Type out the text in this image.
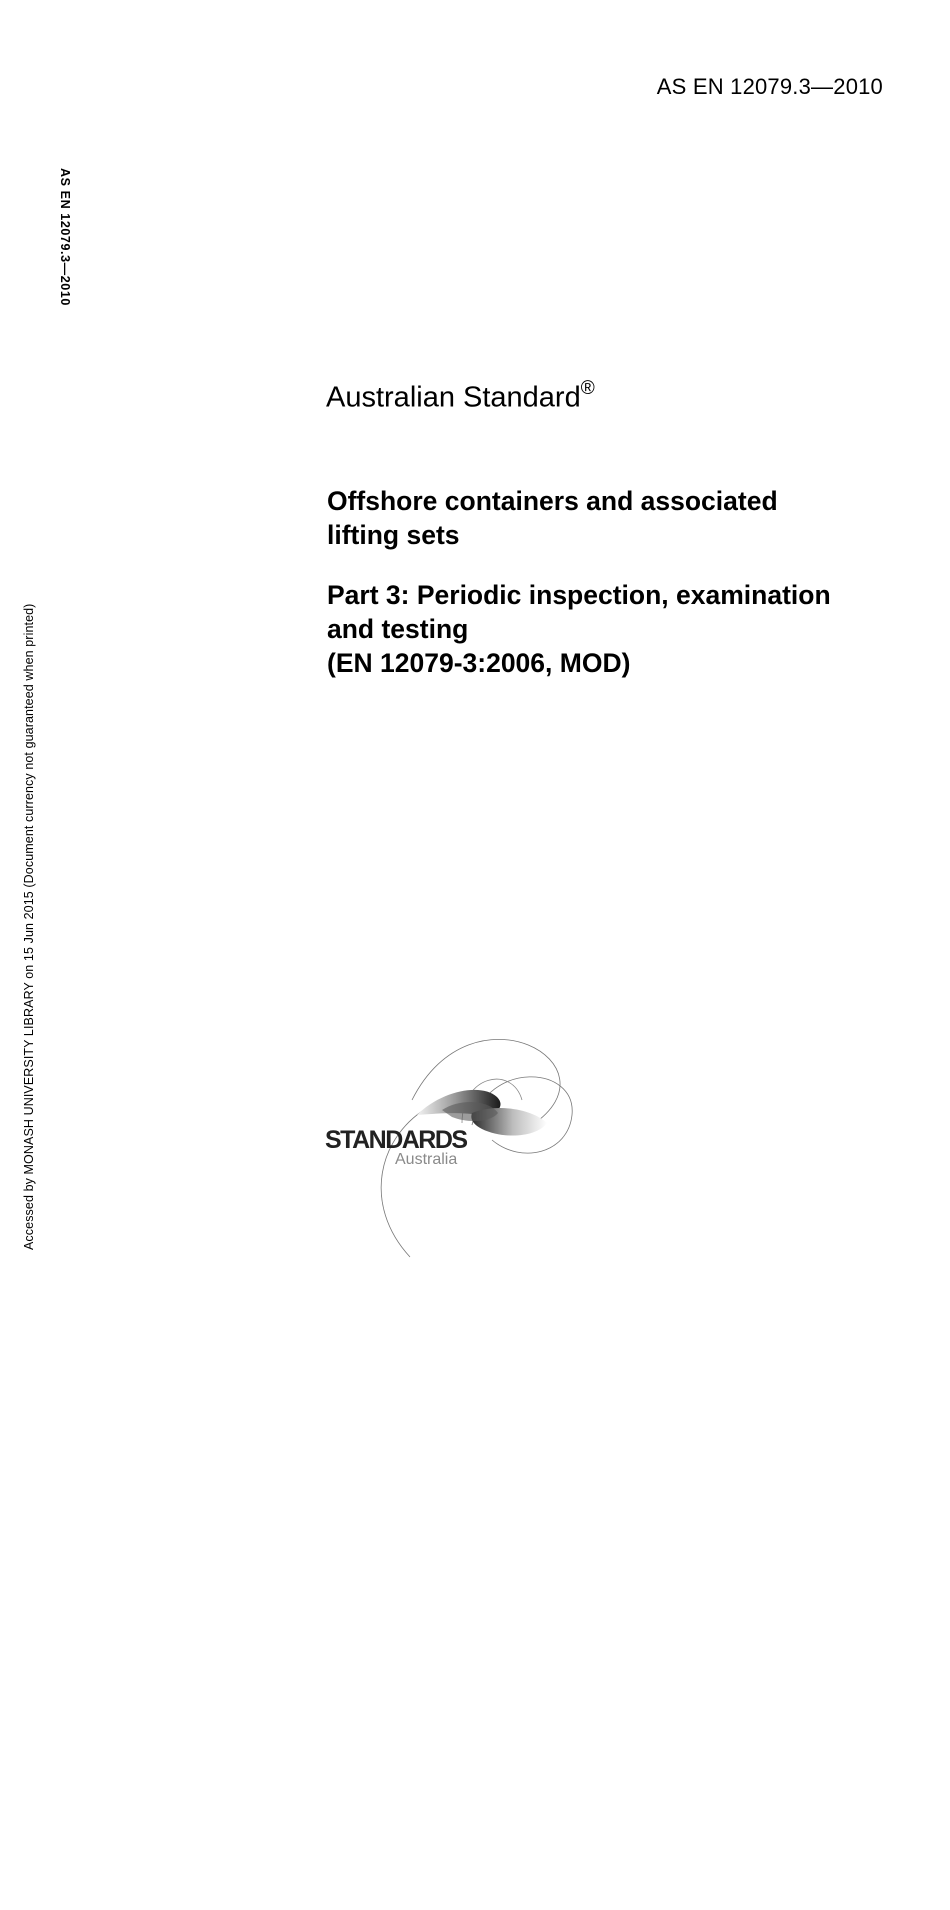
AS EN 12079.3—2010
AS EN 12079.3—2010
Accessed by MONASH UNIVERSITY LIBRARY on 15 Jun 2015 (Document currency not guaranteed when printed)
Australian Standard®

Offshore containers and associated

lifting sets

Part 3: Periodic inspection, examination

and testing

(EN 12079-3:2006, MOD)

STANDARDS
Australia
